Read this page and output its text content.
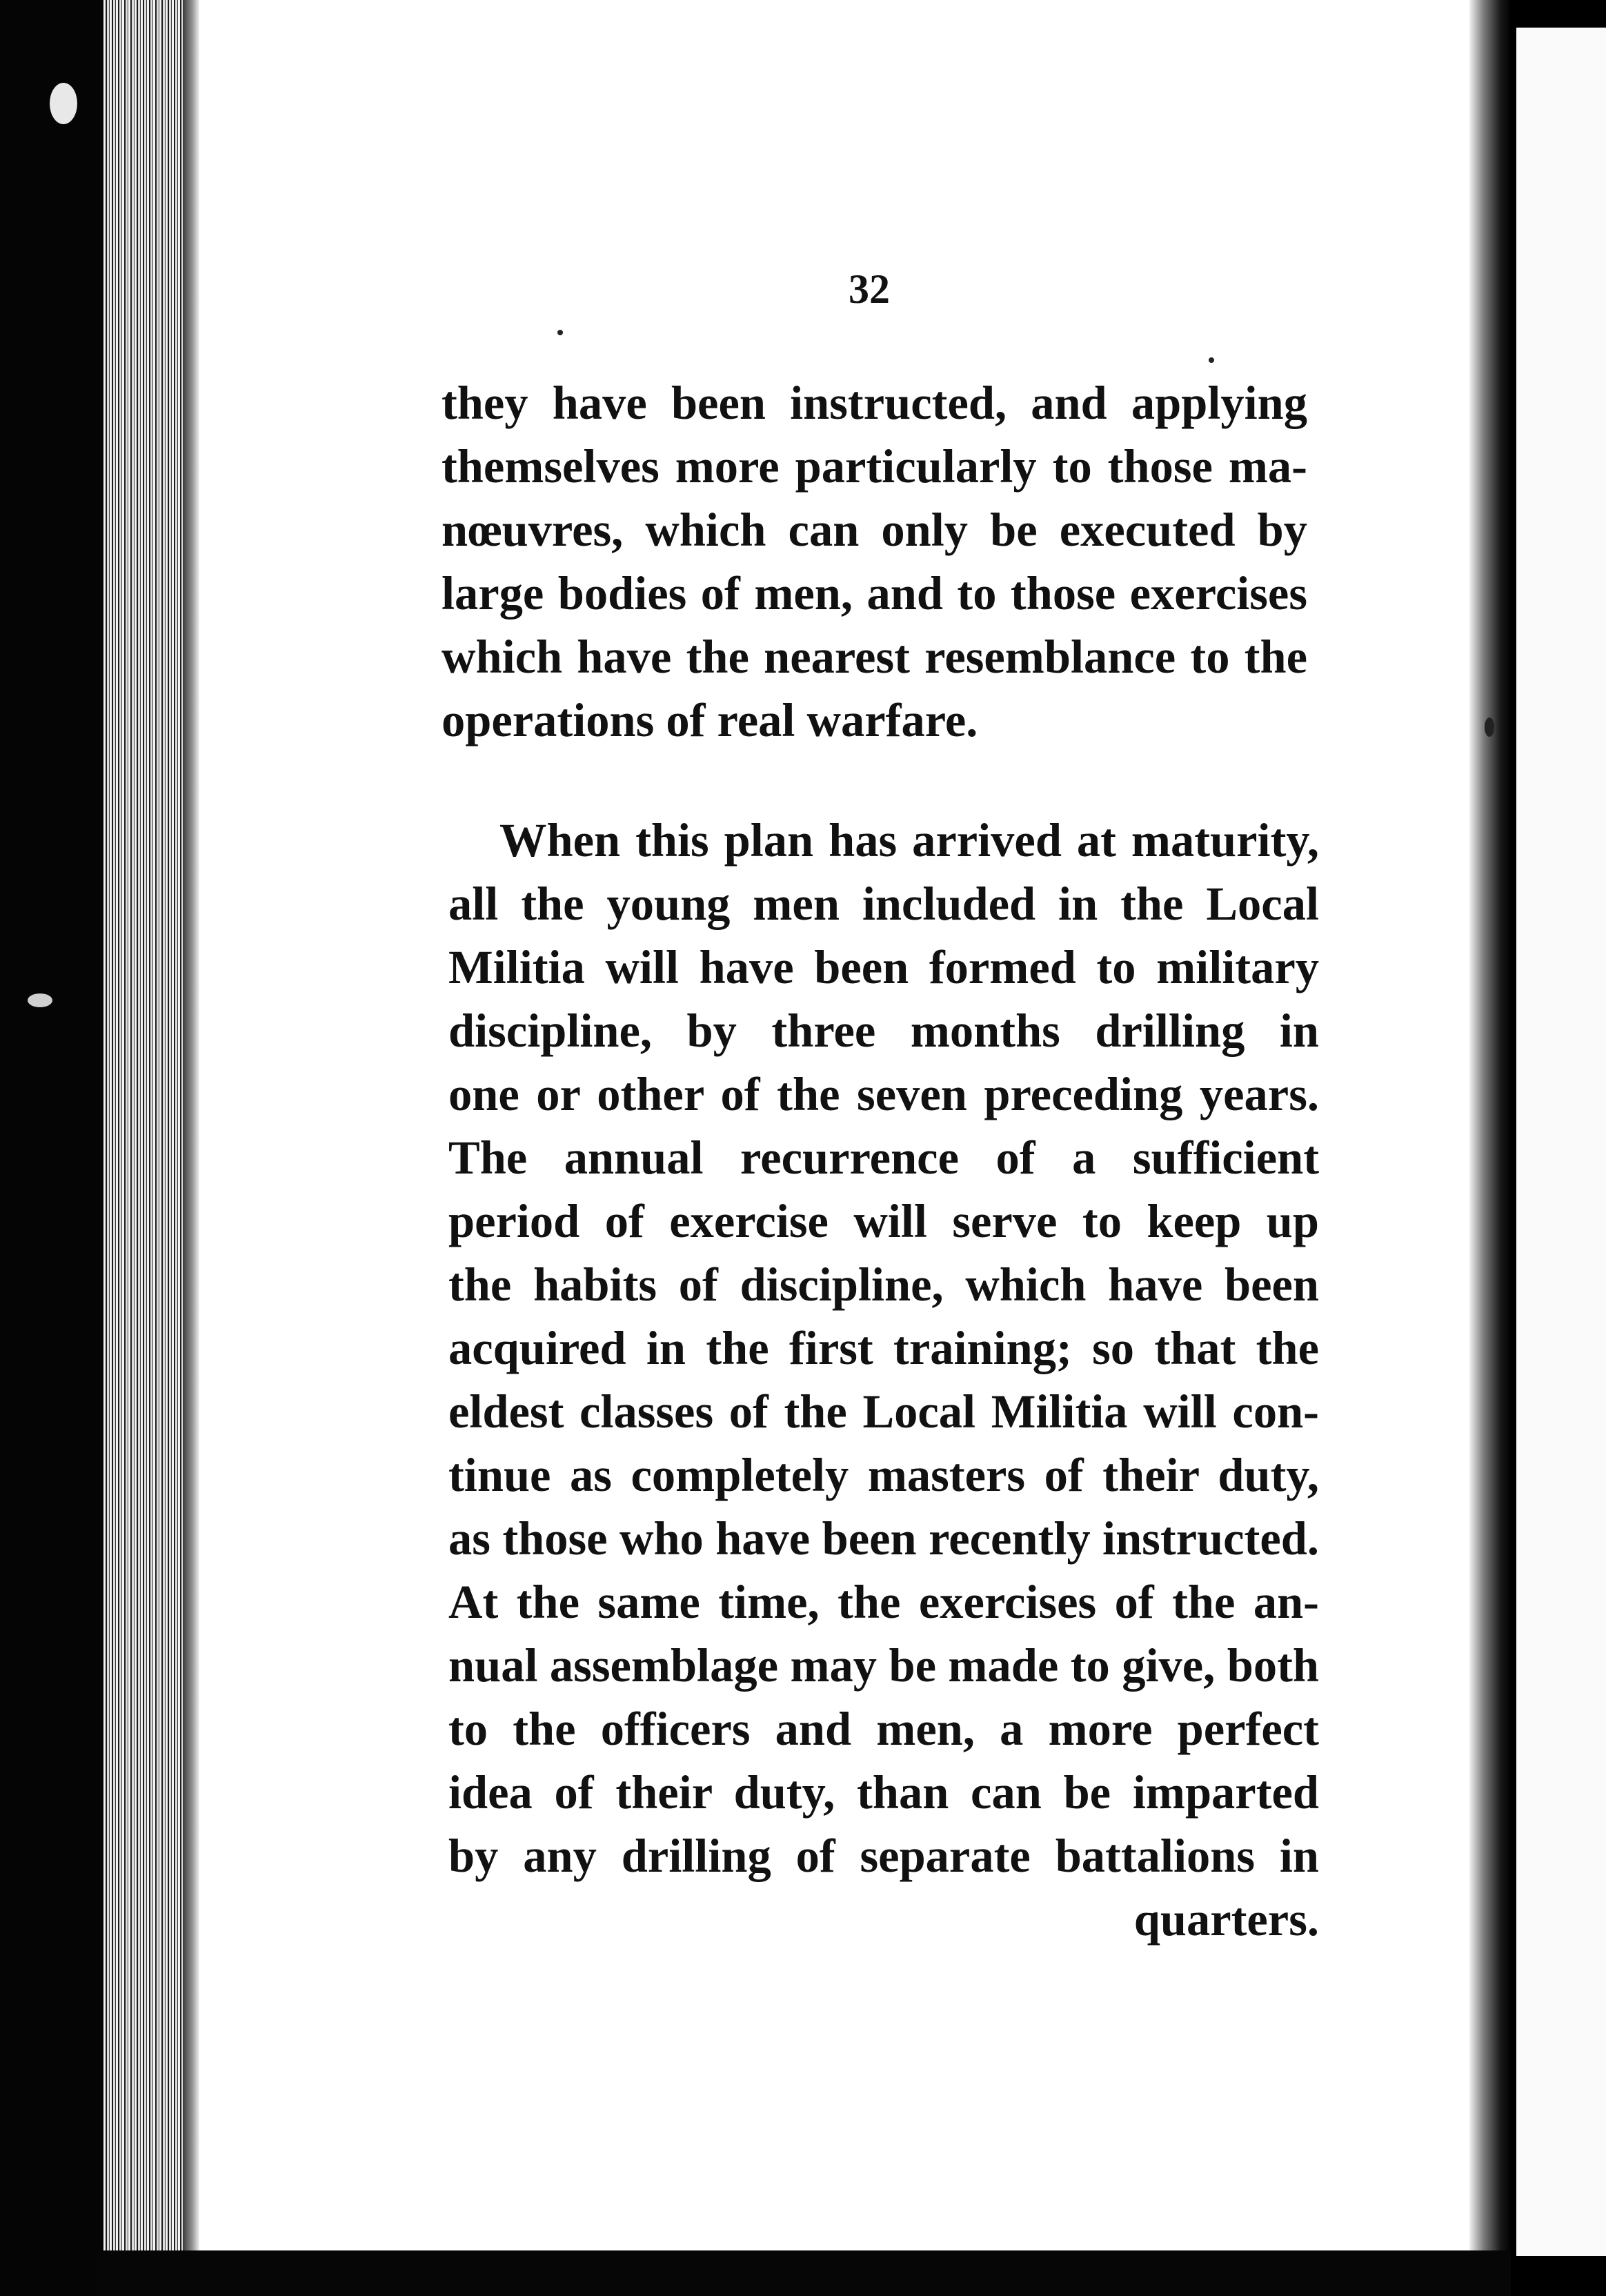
32
they have been instructed, and applying
themselves more particularly to those ma-
nœuvres, which can only be executed by
large bodies of men, and to those exercises
which have the nearest resemblance to the
operations of real warfare.
When this plan has arrived at maturity,
all the young men included in the Local
Militia will have been formed to military
discipline, by three months drilling in
one or other of the seven preceding years.
The annual recurrence of a sufficient
period of exercise will serve to keep up
the habits of discipline, which have been
acquired in the first training; so that the
eldest classes of the Local Militia will con-
tinue as completely masters of their duty,
as those who have been recently instructed.
At the same time, the exercises of the an-
nual assemblage may be made to give, both
to the officers and men, a more perfect
idea of their duty, than can be imparted
by any drilling of separate battalions in
quarters.
